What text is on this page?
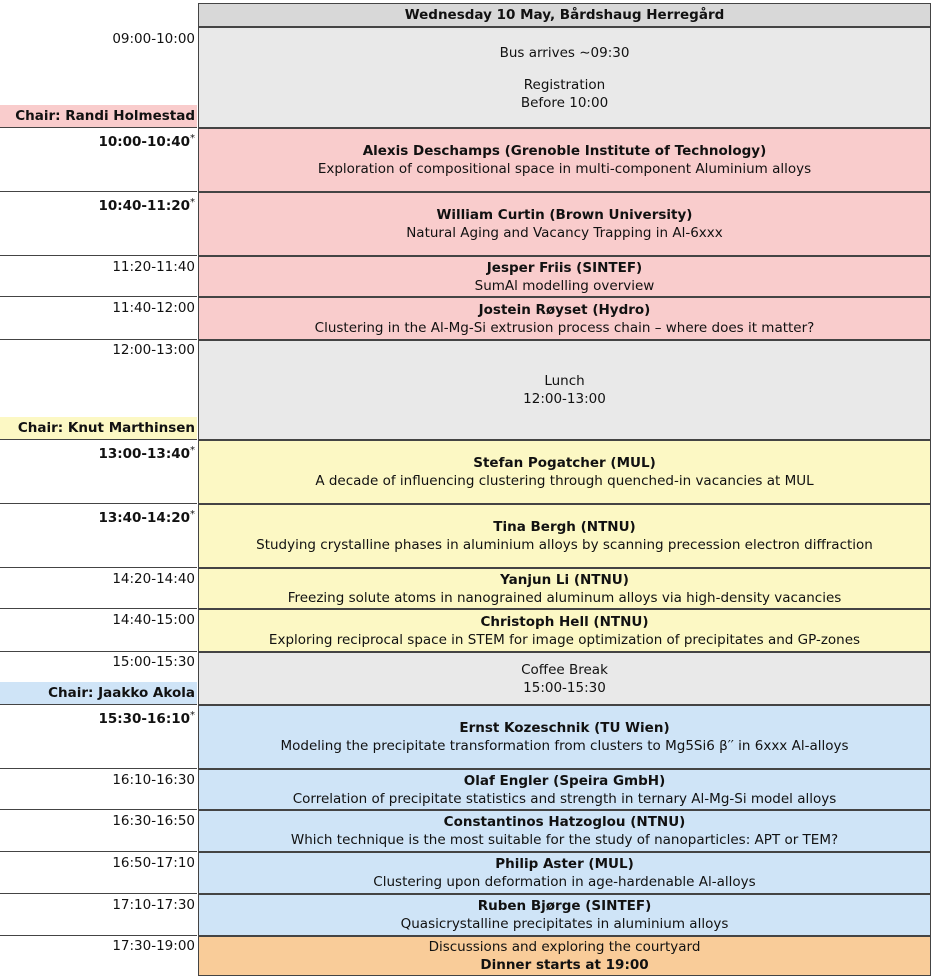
Wednesday 10 May, Bårdshaug Herregård
09:00-10:00
Bus arrives ∼09:30
Registration
Before 10:00
Chair: Randi Holmestad
10:00-10:40 *
Alexis Deschamps (Grenoble Institute of Technology)
Exploration of compositional space in multi-component Aluminium alloys
10:40-11:20 *
William Curtin (Brown University)
Natural Aging and Vacancy Trapping in Al-6xxx
11:20-11:40	Jesper Friis (SINTEF)
SumAl modelling overview
11:40-12:00	Jostein Røyset (Hydro)
Clustering in the Al-Mg-Si extrusion process chain – where does it matter?
12:00-13:00
Lunch
12:00-13:00
Chair: Knut Marthinsen
13:00-13:40 *
Stefan Pogatcher (MUL)
A decade of influencing clustering through quenched-in vacancies at MUL
13:40-14:20 *
Tina Bergh (NTNU)
Studying crystalline phases in aluminium alloys by scanning precession electron diffraction
14:20-14:40	Yanjun Li (NTNU)
Freezing solute atoms in nanograined aluminum alloys via high-density vacancies
14:40-15:00	Christoph Hell (NTNU)
Exploring reciprocal space in STEM for image optimization of precipitates and GP-zones
15:00-15:30	Coffee Break
15:00-15:30
Chair: Jaakko Akola
15:30-16:10 *
Ernst Kozeschnik (TU Wien)
Modeling the precipitate transformation from clusters to Mg5Si6 β′′ in 6xxx Al-alloys
16:10-16:30	Olaf Engler (Speira GmbH)
Correlation of precipitate statistics and strength in ternary Al-Mg-Si model alloys
16:30-16:50	Constantinos Hatzoglou (NTNU)
Which technique is the most suitable for the study of nanoparticles: APT or TEM?
16:50-17:10	Philip Aster (MUL)
Clustering upon deformation in age-hardenable Al-alloys
17:10-17:30	Ruben Bjørge (SINTEF)
Quasicrystalline precipitates in aluminium alloys
17:30-19:00	Discussions and exploring the courtyard
Dinner starts at 19:00
